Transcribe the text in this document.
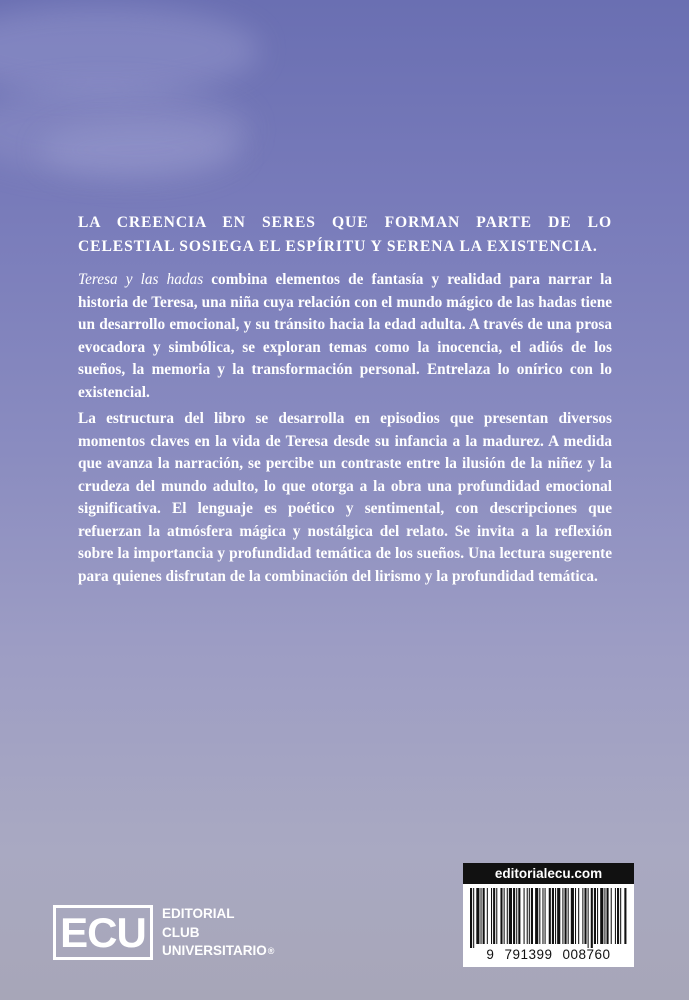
LA CREENCIA EN SERES QUE FORMAN PARTE DE LO CELESTIAL SOSIEGA EL ESPÍRITU Y SERENA LA EXISTENCIA.

Teresa y las hadas combina elementos de fantasía y realidad para narrar la historia de Teresa, una niña cuya relación con el mundo mágico de las hadas tiene un desarrollo emocional, y su tránsito hacia la edad adulta. A través de una prosa evocadora y simbólica, se exploran temas como la inocencia, el adiós de los sueños, la memoria y la transformación personal. Entrelaza lo onírico con lo existencial.

La estructura del libro se desarrolla en episodios que presentan diversos momentos claves en la vida de Teresa desde su infancia a la madurez. A medida que avanza la narración, se percibe un contraste entre la ilusión de la niñez y la crudeza del mundo adulto, lo que otorga a la obra una profundidad emocional significativa. El lenguaje es poético y sentimental, con descripciones que refuerzan la atmósfera mágica y nostálgica del relato. Se invita a la reflexión sobre la importancia y profundidad temática de los sueños. Una lectura sugerente para quienes disfrutan de la combinación del lirismo y la profundidad temática.

ECU	EDITORIAL
CLUB
UNIVERSITARIO®
editorialecu.com
9 791399 008760
